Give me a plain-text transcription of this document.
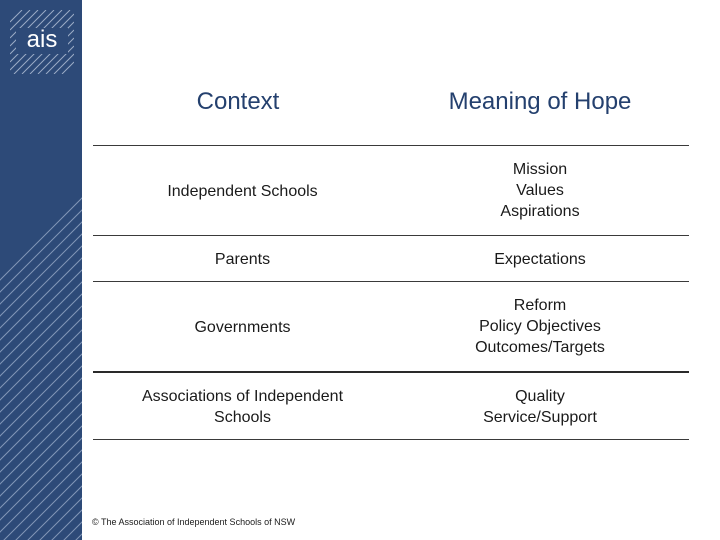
ais
Context	Meaning of Hope
Independent Schools
Mission
Values
Aspirations
Parents	Expectations
Governments
Reform
Policy Objectives
Outcomes/Targets
Associations of Independent
Schools
Quality
Service/Support
© The Association of Independent Schools of NSW
